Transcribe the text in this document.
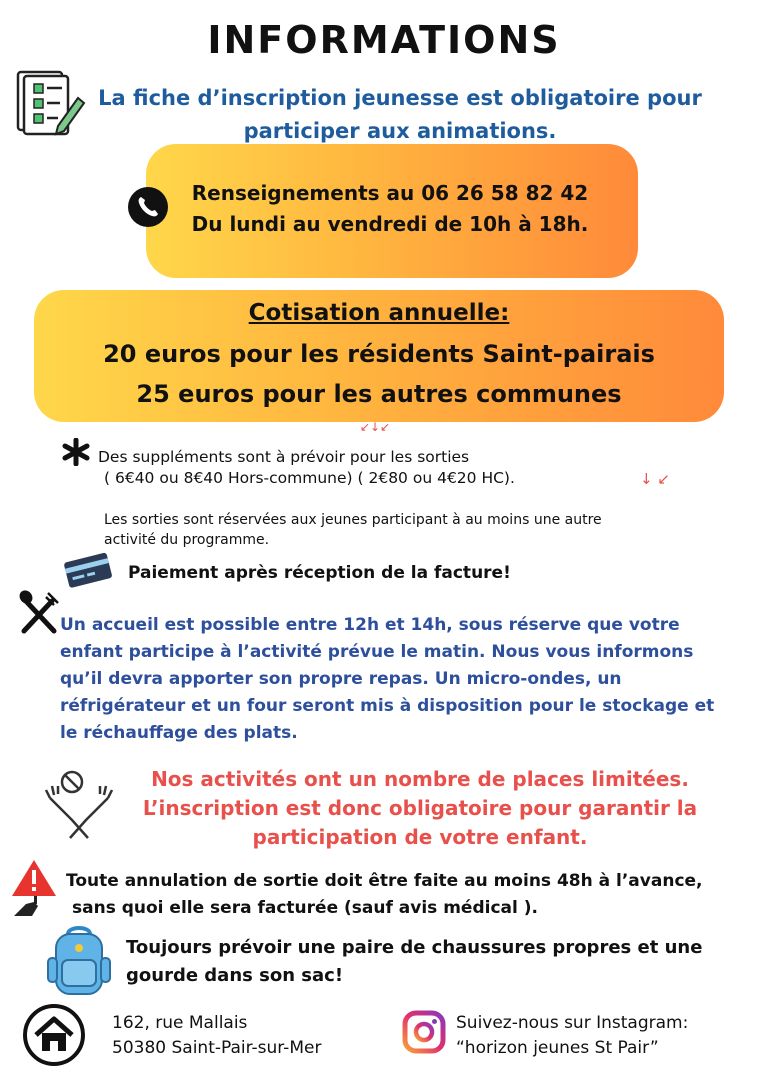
INFORMATIONS
La fiche d’inscription jeunesse est obligatoire pour
participer aux animations.
Renseignements au 06 26 58 82 42
Du lundi au vendredi de 10h à 18h.
Cotisation annuelle:
20 euros pour les résidents Saint-pairais
25 euros pour les autres communes
↙↓↙
↓ ↙
Des suppléments sont à prévoir pour les sorties
( 6€40 ou 8€40 Hors-commune) ( 2€80 ou 4€20 HC).
Les sorties sont réservées aux jeunes participant à au moins une autre
activité du programme.
Paiement après réception de la facture!
Un accueil est possible entre 12h et 14h, sous réserve que votre
enfant participe à l’activité prévue le matin. Nous vous informons
qu’il devra apporter son propre repas. Un micro-ondes, un
réfrigérateur et un four seront mis à disposition pour le stockage et
le réchauffage des plats.
Nos activités ont un nombre de places limitées.
L’inscription est donc obligatoire pour garantir la
participation de votre enfant.
Toute annulation de sortie doit être faite au moins 48h à l’avance,
sans quoi elle sera facturée (sauf avis médical ).
Toujours prévoir une paire de chaussures propres et une
gourde dans son sac!
162, rue Mallais
50380 Saint-Pair-sur-Mer
Suivez-nous sur Instagram:
“horizon jeunes St Pair”
